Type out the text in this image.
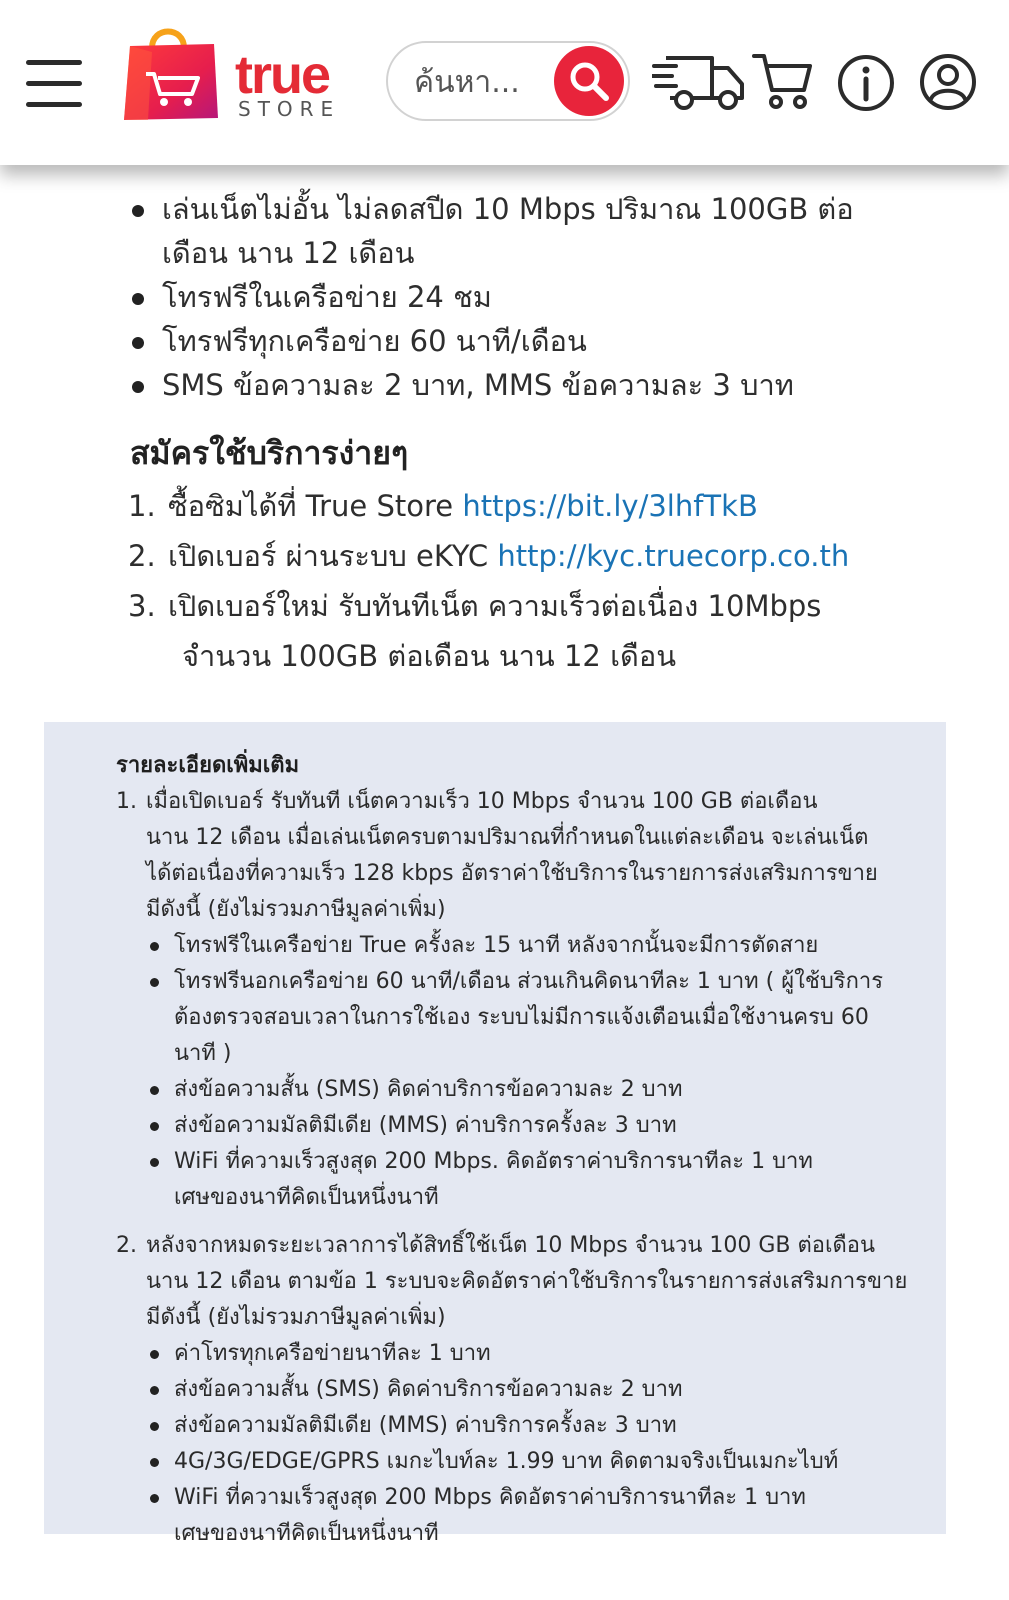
true
STORE
ค้นหา...
เล่นเน็ตไม่อั้น ไม่ลดสปีด 10 Mbps ปริมาณ 100GB ต่อเดือน นาน 12 เดือน
โทรฟรีในเครือข่าย 24 ชม
โทรฟรีทุกเครือข่าย 60 นาที/เดือน
SMS ข้อความละ 2 บาท, MMS ข้อความละ 3 บาท
สมัครใช้บริการง่ายๆ
1. ซื้อซิมได้ที่ True Store https://bit.ly/3lhfTkB
2. เปิดเบอร์ ผ่านระบบ eKYC http://kyc.truecorp.co.th
3. เปิดเบอร์ใหม่ รับทันทีเน็ต ความเร็วต่อเนื่อง 10Mbps
จำนวน 100GB ต่อเดือน นาน 12 เดือน
รายละเอียดเพิ่มเติม
1. เมื่อเปิดเบอร์ รับทันที เน็ตความเร็ว 10 Mbps จำนวน 100 GB ต่อเดือน
นาน 12 เดือน เมื่อเล่นเน็ตครบตามปริมาณที่กำหนดในแต่ละเดือน จะเล่นเน็ต
ได้ต่อเนื่องที่ความเร็ว 128 kbps อัตราค่าใช้บริการในรายการส่งเสริมการขาย
มีดังนี้ (ยังไม่รวมภาษีมูลค่าเพิ่ม)
โทรฟรีในเครือข่าย True ครั้งละ 15 นาที หลังจากนั้นจะมีการตัดสาย
โทรฟรีนอกเครือข่าย 60 นาที/เดือน ส่วนเกินคิดนาทีละ 1 บาท ( ผู้ใช้บริการ
ต้องตรวจสอบเวลาในการใช้เอง ระบบไม่มีการแจ้งเตือนเมื่อใช้งานครบ 60 นาที )
ส่งข้อความสั้น (SMS) คิดค่าบริการข้อความละ 2 บาท
ส่งข้อความมัลติมีเดีย (MMS) ค่าบริการครั้งละ 3 บาท
WiFi ที่ความเร็วสูงสุด 200 Mbps. คิดอัตราค่าบริการนาทีละ 1 บาท
เศษของนาทีคิดเป็นหนึ่งนาที
2. หลังจากหมดระยะเวลาการได้สิทธิ์ใช้เน็ต 10 Mbps จำนวน 100 GB ต่อเดือน
นาน 12 เดือน ตามข้อ 1 ระบบจะคิดอัตราค่าใช้บริการในรายการส่งเสริมการขาย
มีดังนี้ (ยังไม่รวมภาษีมูลค่าเพิ่ม)
ค่าโทรทุกเครือข่ายนาทีละ 1 บาท
ส่งข้อความสั้น (SMS) คิดค่าบริการข้อความละ 2 บาท
ส่งข้อความมัลติมีเดีย (MMS) ค่าบริการครั้งละ 3 บาท
4G/3G/EDGE/GPRS เมกะไบท์ละ 1.99 บาท คิดตามจริงเป็นเมกะไบท์
WiFi ที่ความเร็วสูงสุด 200 Mbps คิดอัตราค่าบริการนาทีละ 1 บาท
เศษของนาทีคิดเป็นหนึ่งนาที
